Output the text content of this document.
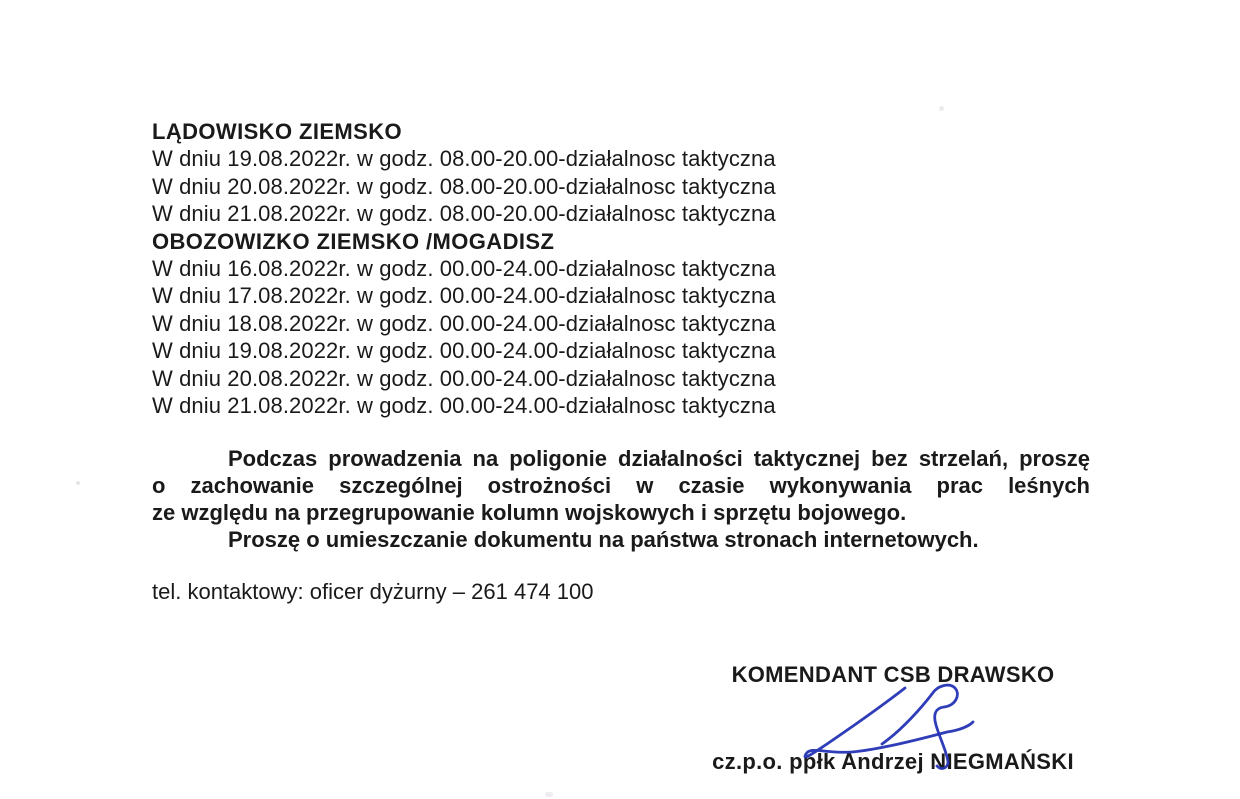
LĄDOWISKO ZIEMSKO
W dniu 19.08.2022r. w godz. 08.00-20.00-działalnosc taktyczna
W dniu 20.08.2022r. w godz. 08.00-20.00-działalnosc taktyczna
W dniu 21.08.2022r. w godz. 08.00-20.00-działalnosc taktyczna
OBOZOWIZKO ZIEMSKO /MOGADISZ
W dniu 16.08.2022r. w godz. 00.00-24.00-działalnosc taktyczna
W dniu 17.08.2022r. w godz. 00.00-24.00-działalnosc taktyczna
W dniu 18.08.2022r. w godz. 00.00-24.00-działalnosc taktyczna
W dniu 19.08.2022r. w godz. 00.00-24.00-działalnosc taktyczna
W dniu 20.08.2022r. w godz. 00.00-24.00-działalnosc taktyczna
W dniu 21.08.2022r. w godz. 00.00-24.00-działalnosc taktyczna
Podczas prowadzenia na poligonie działalności taktycznej bez strzelań, proszę
o zachowanie szczególnej ostrożności w czasie wykonywania prac leśnych
ze względu na przegrupowanie kolumn wojskowych i sprzętu bojowego.
Proszę o umieszczanie dokumentu na państwa stronach internetowych.
tel. kontaktowy: oficer dyżurny – 261 474 100
KOMENDANT CSB DRAWSKO
cz.p.o. ppłk Andrzej NIEGMAŃSKI
